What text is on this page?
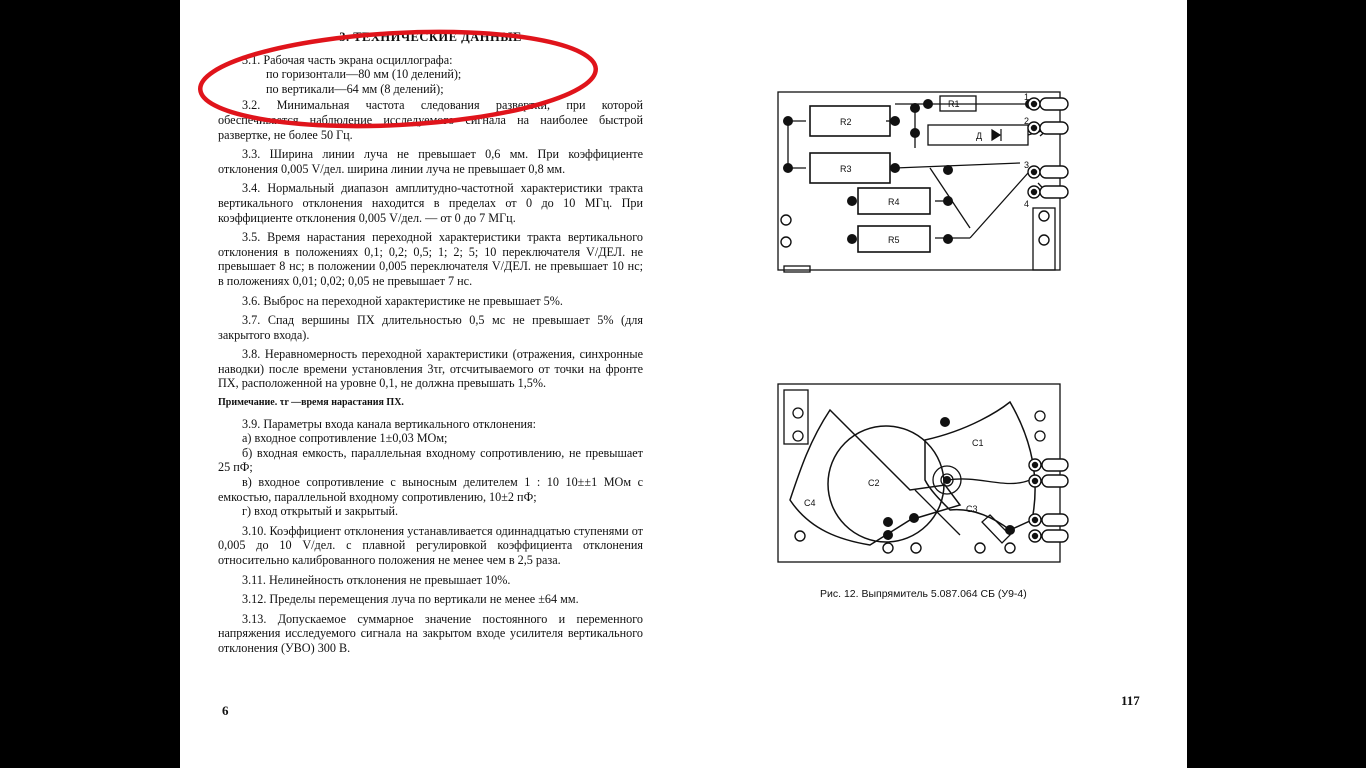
3. ТЕХНИЧЕСКИЕ ДАННЫЕ
3.1. Рабочая часть экрана осциллографа:
по горизонтали—80 мм (10 делений);
по вертикали—64 мм (8 делений);

3.2. Минимальная частота следования развертки, при которой обеспечивается наблюдение исследуемого сигнала на наиболее быстрой развертке, не более 50 Гц.

3.3. Ширина линии луча не превышает 0,6 мм. При коэффициенте отклонения 0,005 V/дел. ширина линии луча не превышает 0,8 мм.

3.4. Нормальный диапазон амплитудно-частотной характеристики тракта вертикального отклонения находится в пределах от 0 до 10 МГц. При коэффициенте отклонения 0,005 V/дел. — от 0 до 7 МГц.

3.5. Время нарастания переходной характеристики тракта вертикального отклонения в положениях 0,1; 0,2; 0,5; 1; 2; 5; 10 переключателя V/ДЕЛ. не превышает 8 нс; в положении 0,005 переключателя V/ДЕЛ. не превышает 10 нс; в положениях 0,01; 0,02; 0,05 не превышает 7 нс.

3.6. Выброс на переходной характеристике не превышает 5%.

3.7. Спад вершины ПХ длительностью 0,5 мс не превышает 5% (для закрытого входа).

3.8. Неравномерность переходной характеристики (отражения, синхронные наводки) после времени установления 3τr, отсчитываемого от точки на фронте ПХ, расположенной на уровне 0,1, не должна превышать 1,5%.

Примечание. τr —время нарастания ПХ.

3.9. Параметры входа канала вертикального отклонения:

а) входное сопротивление 1±0,03 МОм;

б) входная емкость, параллельная входному сопротивлению, не превышает 25 пФ;

в) входное сопротивление с выносным делителем 1 : 10 10±±1 МОм с емкостью, параллельной входному сопротивлению, 10±2 пФ;

г) вход открытый и закрытый.

3.10. Коэффициент отклонения устанавливается одиннадцатью ступенями от 0,005 до 10 V/дел. с плавной регулировкой коэффициента отклонения относительно калиброванного положения не менее чем в 2,5 раза.

3.11. Нелинейность отклонения не превышает 10%.

3.12. Пределы перемещения луча по вертикали не менее ±64 мм.

3.13. Допускаемое суммарное значение постоянного и переменного напряжения исследуемого сигнала на закрытом входе усилителя вертикального отклонения (УВО) 300 В.

6
117
Рис. 12. Выпрямитель 5.087.064 СБ (У9-4)
R1
R2
R3
R4
R5
Д
1
2
3
4
C1
C2
C3
C4
